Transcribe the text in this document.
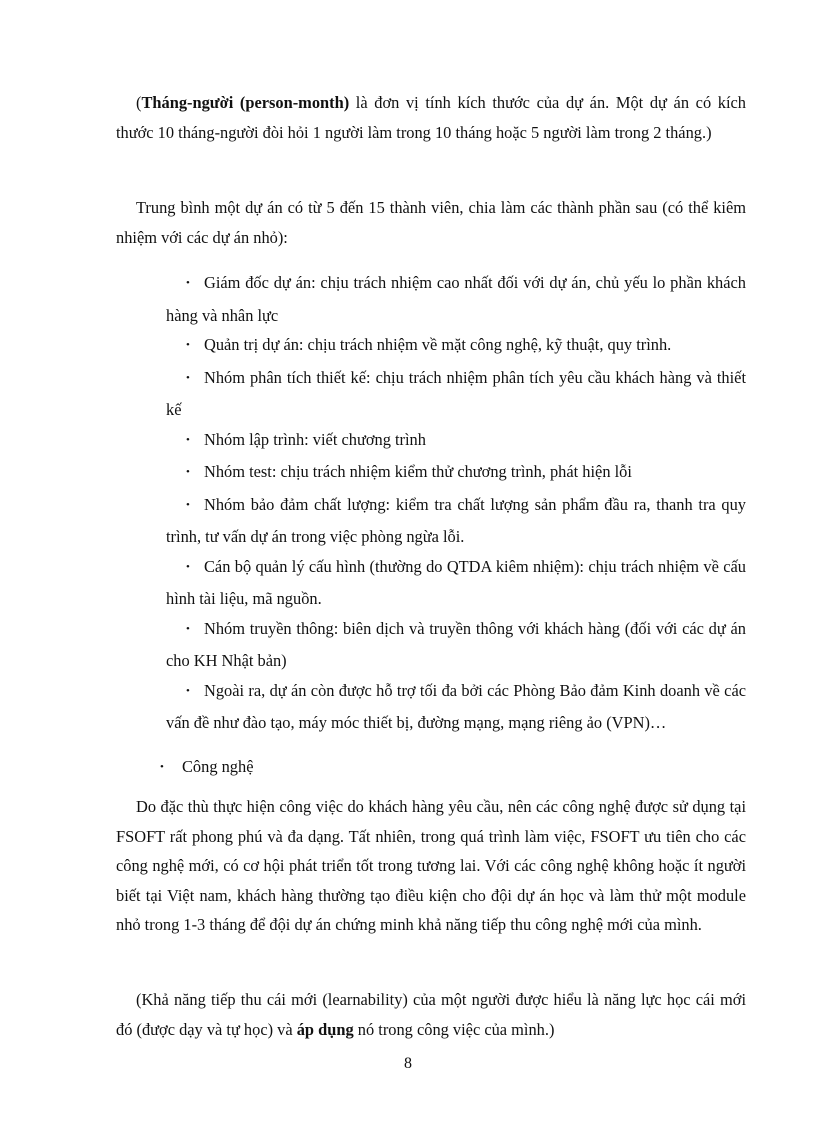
(Tháng-người (person-month) là đơn vị tính kích thước của dự án. Một dự án có kích thước 10 tháng-người đòi hỏi 1 người làm trong 10 tháng hoặc 5 người làm trong 2 tháng.)

Trung bình một dự án có từ 5 đến 15 thành viên, chia làm các thành phần sau (có thể kiêm nhiệm với các dự án nhỏ):

• Giám đốc dự án: chịu trách nhiệm cao nhất đối với dự án, chủ yếu lo phần khách hàng và nhân lực

• Quản trị dự án: chịu trách nhiệm về mặt công nghệ, kỹ thuật, quy trình.

• Nhóm phân tích thiết kế: chịu trách nhiệm phân tích yêu cầu khách hàng và thiết kế

• Nhóm lập trình: viết chương trình

• Nhóm test: chịu trách nhiệm kiểm thử chương trình, phát hiện lỗi

• Nhóm bảo đảm chất lượng: kiểm tra chất lượng sản phẩm đầu ra, thanh tra quy trình, tư vấn dự án trong việc phòng ngừa lỗi.

• Cán bộ quản lý cấu hình (thường do QTDA kiêm nhiệm): chịu trách nhiệm về cấu hình tài liệu, mã nguồn.

• Nhóm truyền thông: biên dịch và truyền thông với khách hàng (đối với các dự án cho KH Nhật bản)

• Ngoài ra, dự án còn được hỗ trợ tối đa bởi các Phòng Bảo đảm Kinh doanh về các vấn đề như đào tạo, máy móc thiết bị, đường mạng, mạng riêng ảo (VPN)…

• Công nghệ

Do đặc thù thực hiện công việc do khách hàng yêu cầu, nên các công nghệ được sử dụng tại FSOFT rất phong phú và đa dạng. Tất nhiên, trong quá trình làm việc, FSOFT ưu tiên cho các công nghệ mới, có cơ hội phát triển tốt trong tương lai. Với các công nghệ không hoặc ít người biết tại Việt nam, khách hàng thường tạo điều kiện cho đội dự án học và làm thử một module nhỏ trong 1-3 tháng để đội dự án chứng minh khả năng tiếp thu công nghệ mới của mình.

(Khả năng tiếp thu cái mới (learnability) của một người được hiểu là năng lực học cái mới đó (được dạy và tự học) và áp dụng nó trong công việc của mình.)

8
